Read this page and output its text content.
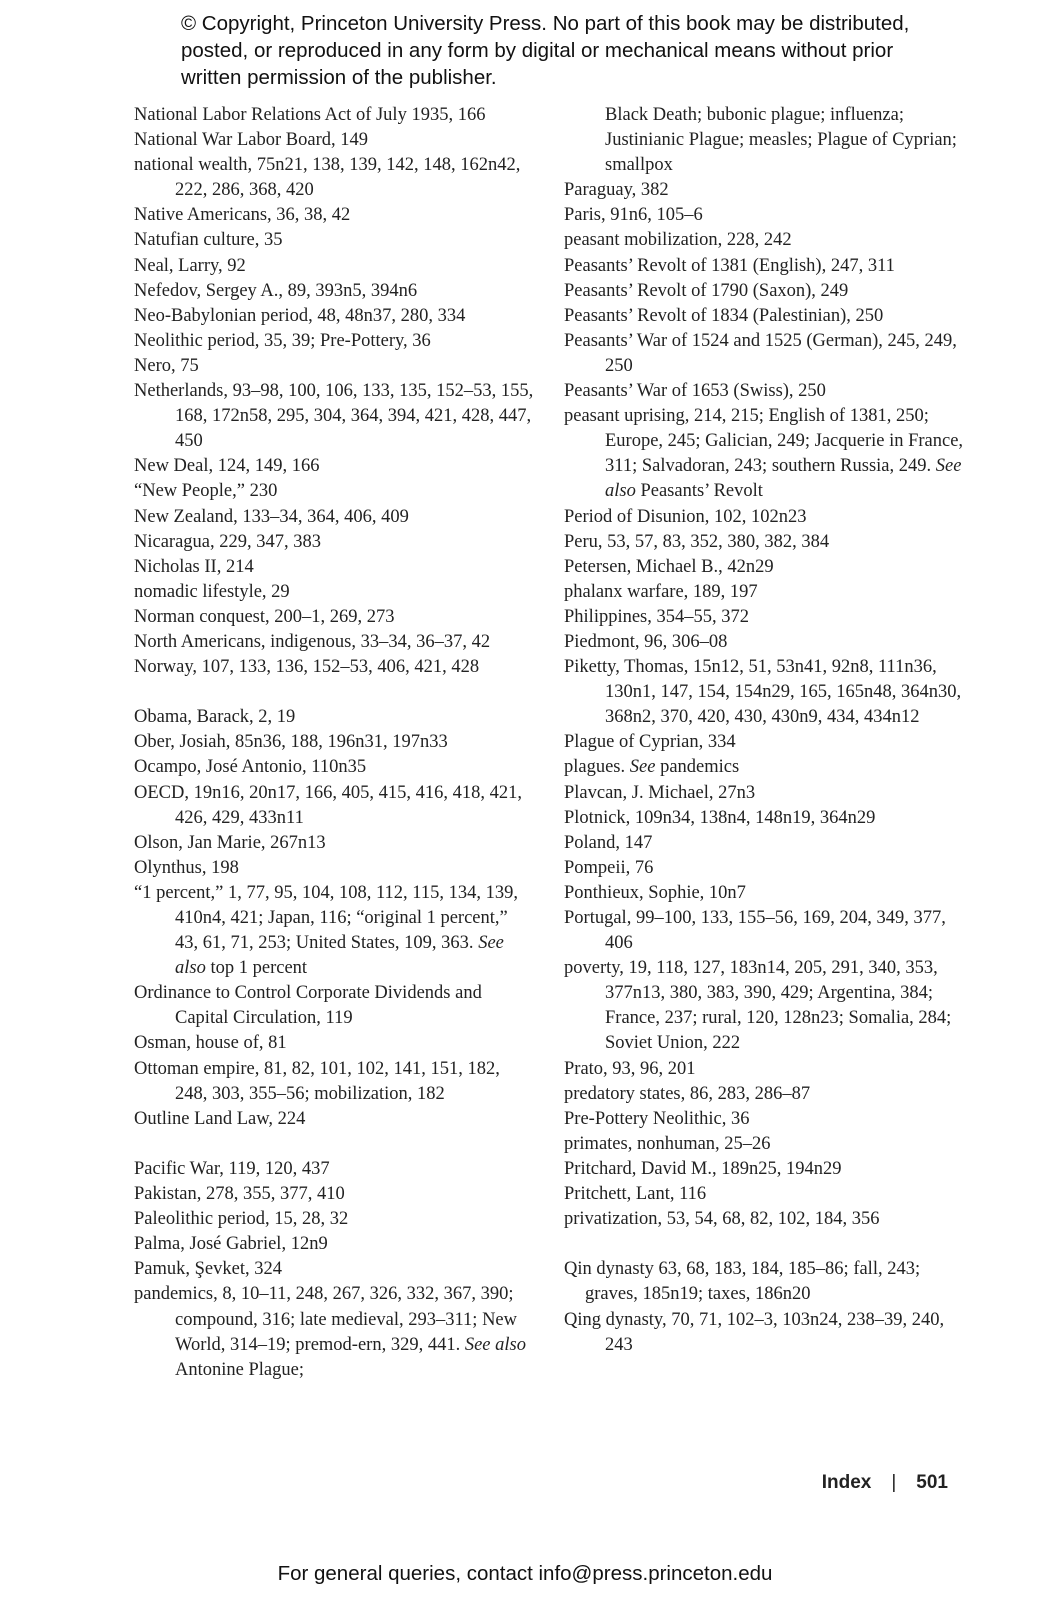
© Copyright, Princeton University Press. No part of this book may be distributed, posted, or reproduced in any form by digital or mechanical means without prior written permission of the publisher.
National Labor Relations Act of July 1935, 166
National War Labor Board, 149
national wealth, 75n21, 138, 139, 142, 148, 162n42, 222, 286, 368, 420
Native Americans, 36, 38, 42
Natufian culture, 35
Neal, Larry, 92
Nefedov, Sergey A., 89, 393n5, 394n6
Neo-Babylonian period, 48, 48n37, 280, 334
Neolithic period, 35, 39; Pre-Pottery, 36
Nero, 75
Netherlands, 93–98, 100, 106, 133, 135, 152–53, 155, 168, 172n58, 295, 304, 364, 394, 421, 428, 447, 450
New Deal, 124, 149, 166
“New People,” 230
New Zealand, 133–34, 364, 406, 409
Nicaragua, 229, 347, 383
Nicholas II, 214
nomadic lifestyle, 29
Norman conquest, 200–1, 269, 273
North Americans, indigenous, 33–34, 36–37, 42
Norway, 107, 133, 136, 152–53, 406, 421, 428
Obama, Barack, 2, 19
Ober, Josiah, 85n36, 188, 196n31, 197n33
Ocampo, José Antonio, 110n35
OECD, 19n16, 20n17, 166, 405, 415, 416, 418, 421, 426, 429, 433n11
Olson, Jan Marie, 267n13
Olynthus, 198
“1 percent,” 1, 77, 95, 104, 108, 112, 115, 134, 139, 410n4, 421; Japan, 116; “original 1 percent,” 43, 61, 71, 253; United States, 109, 363. See also top 1 percent
Ordinance to Control Corporate Dividends and Capital Circulation, 119
Osman, house of, 81
Ottoman empire, 81, 82, 101, 102, 141, 151, 182, 248, 303, 355–56; mobilization, 182
Outline Land Law, 224
Pacific War, 119, 120, 437
Pakistan, 278, 355, 377, 410
Paleolithic period, 15, 28, 32
Palma, José Gabriel, 12n9
Pamuk, Şevket, 324
pandemics, 8, 10–11, 248, 267, 326, 332, 367, 390; compound, 316; late medieval, 293–311; New World, 314–19; premod-ern, 329, 441. See also Antonine Plague;
Black Death; bubonic plague; influenza; Justinianic Plague; measles; Plague of Cyprian; smallpox
Paraguay, 382
Paris, 91n6, 105–6
peasant mobilization, 228, 242
Peasants’ Revolt of 1381 (English), 247, 311
Peasants’ Revolt of 1790 (Saxon), 249
Peasants’ Revolt of 1834 (Palestinian), 250
Peasants’ War of 1524 and 1525 (German), 245, 249, 250
Peasants’ War of 1653 (Swiss), 250
peasant uprising, 214, 215; English of 1381, 250; Europe, 245; Galician, 249; Jacquerie in France, 311; Salvadoran, 243; southern Russia, 249. See also Peasants’ Revolt
Period of Disunion, 102, 102n23
Peru, 53, 57, 83, 352, 380, 382, 384
Petersen, Michael B., 42n29
phalanx warfare, 189, 197
Philippines, 354–55, 372
Piedmont, 96, 306–08
Piketty, Thomas, 15n12, 51, 53n41, 92n8, 111n36, 130n1, 147, 154, 154n29, 165, 165n48, 364n30, 368n2, 370, 420, 430, 430n9, 434, 434n12
Plague of Cyprian, 334
plagues. See pandemics
Plavcan, J. Michael, 27n3
Plotnick, 109n34, 138n4, 148n19, 364n29
Poland, 147
Pompeii, 76
Ponthieux, Sophie, 10n7
Portugal, 99–100, 133, 155–56, 169, 204, 349, 377, 406
poverty, 19, 118, 127, 183n14, 205, 291, 340, 353, 377n13, 380, 383, 390, 429; Argentina, 384; France, 237; rural, 120, 128n23; Somalia, 284; Soviet Union, 222
Prato, 93, 96, 201
predatory states, 86, 283, 286–87
Pre-Pottery Neolithic, 36
primates, nonhuman, 25–26
Pritchard, David M., 189n25, 194n29
Pritchett, Lant, 116
privatization, 53, 54, 68, 82, 102, 184, 356
Qin dynasty 63, 68, 183, 184, 185–86; fall, 243; graves, 185n19; taxes, 186n20
Qing dynasty, 70, 71, 102–3, 103n24, 238–39, 240, 243
Index | 501
For general queries, contact info@press.princeton.edu
